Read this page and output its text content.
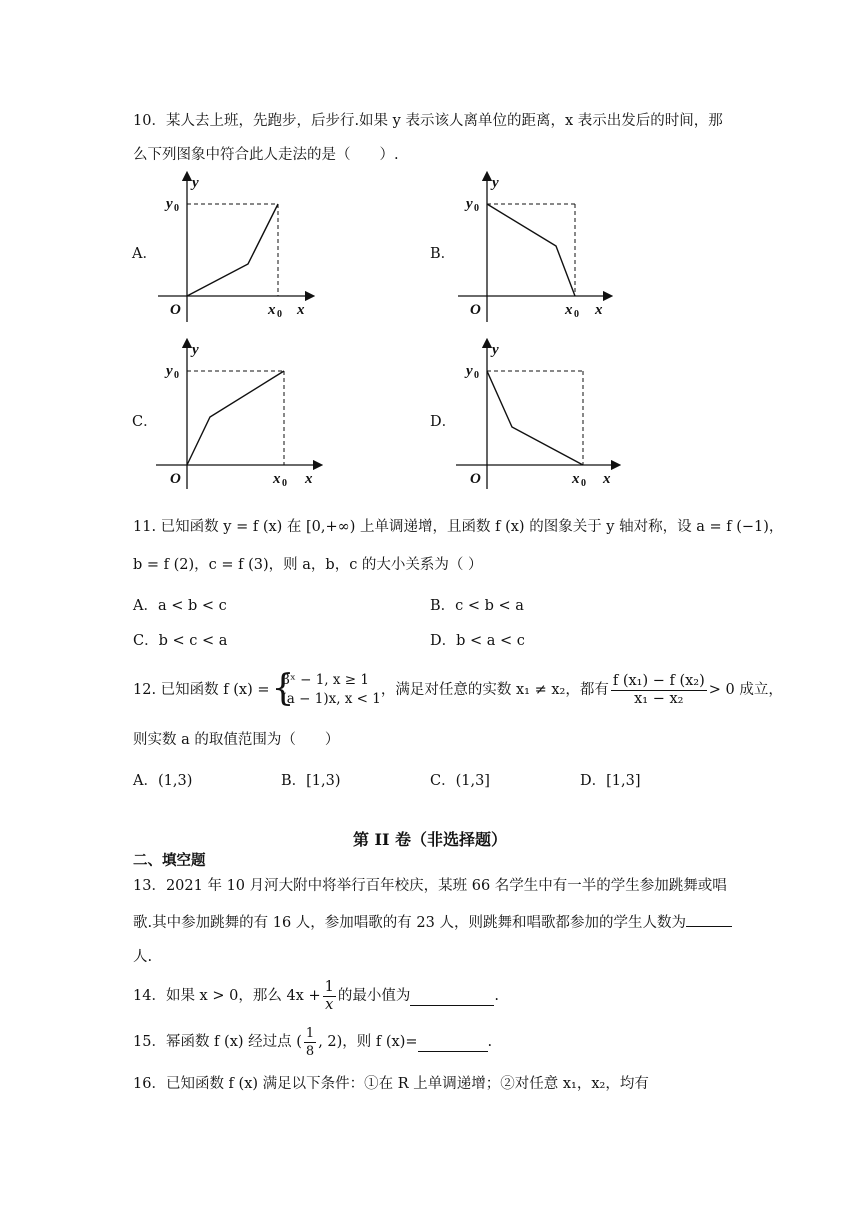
10．某人去上班，先跑步，后步行.如果 y 表示该人离单位的距离，x 表示出发后的时间，那
么下列图象中符合此人走法的是（　　）.
A．	B．
C．	D．
y
y 0
O	x 0 x
y
y 0
O	x 0 x
y
y 0
O	x 0 x
y
y 0
O	x 0 x
11. 已知函数 y = f (x) 在 [0,+∞) 上单调递增，且函数 f (x) 的图象关于 y 轴对称，设 a = f (−1)，
b = f (2)，c = f (3)，则 a，b，c 的大小关系为（ ）
A．a < b < c	B．c < b < a
C．b < c < a	D．b < a < c
12. 已知函数 f (x) = {
3ˣ − 1, x ≥ 1
(a − 1)x, x < 1
，满足对任意的实数 x₁ ≠ x₂，都有 $\frac{\text{f (x₁) − f (x₂)}}{\text{x₁ − x₂}} > 0$ 成立，
则实数 a 的取值范围为（　　）
A．(1,3)	B．[1,3)	C．(1,3]	D．[1,3]
第 II 卷（非选择题）
二、填空题
13．2021 年 10 月河大附中将举行百年校庆，某班 66 名学生中有一半的学生参加跳舞或唱
歌.其中参加跳舞的有 16 人，参加唱歌的有 23 人，则跳舞和唱歌都参加的学生人数为
人.
14．如果 x > 0，那么 $4x + \frac{1}{x}$ 的最小值为	.
15．幂函数 f (x) 经过点 ( $\frac{1}{8}$ , 2)，则 f (x)=	.
16．已知函数 f (x) 满足以下条件：①在 R 上单调递增；②对任意 x₁，x₂，均有
